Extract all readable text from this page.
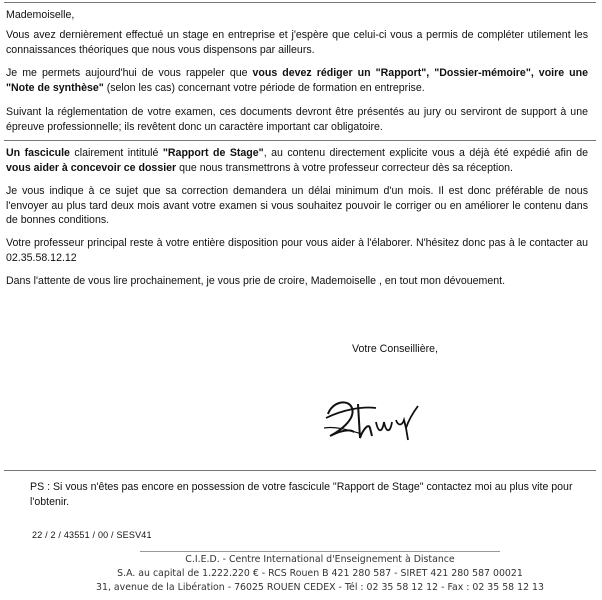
Mademoiselle,

Vous avez dernièrement effectué un stage en entreprise et j'espère que celui-ci vous a permis de compléter utilement les connaissances théoriques que nous vous dispensons par ailleurs.

Je me permets aujourd'hui de vous rappeler que vous devez rédiger un "Rapport", "Dossier-mémoire", voire une "Note de synthèse" (selon les cas) concernant votre période de formation en entreprise.

Suivant la réglementation de votre examen, ces documents devront être présentés au jury ou serviront de support à une épreuve professionnelle; ils revêtent donc un caractère important car obligatoire.

Un fascicule clairement intitulé "Rapport de Stage", au contenu directement explicite vous a déjà été expédié afin de vous aider à concevoir ce dossier que nous transmettrons à votre professeur correcteur dès sa réception.

Je vous indique à ce sujet que sa correction demandera un délai minimum d'un mois. Il est donc préférable de nous l'envoyer au plus tard deux mois avant votre examen si vous souhaitez pouvoir le corriger ou en améliorer le contenu dans de bonnes conditions.

Votre professeur principal reste à votre entière disposition pour vous aider à l'élaborer. N'hésitez donc pas à le contacter au 02.35.58.12.12

Dans l'attente de vous lire prochainement, je vous prie de croire, Mademoiselle , en tout mon dévouement.

Votre Conseillière,

PS : Si vous n'êtes pas encore en possession de votre fascicule "Rapport de Stage" contactez moi au plus vite pour l'obtenir.

22 / 2 / 43551 / 00 / SESV41
C.I.E.D. - Centre International d'Enseignement à Distance
S.A. au capital de 1.222.220 € - RCS Rouen B 421 280 587 - SIRET 421 280 587 00021
31, avenue de la Libération - 76025 ROUEN CEDEX - Tél : 02 35 58 12 12 - Fax : 02 35 58 12 13
